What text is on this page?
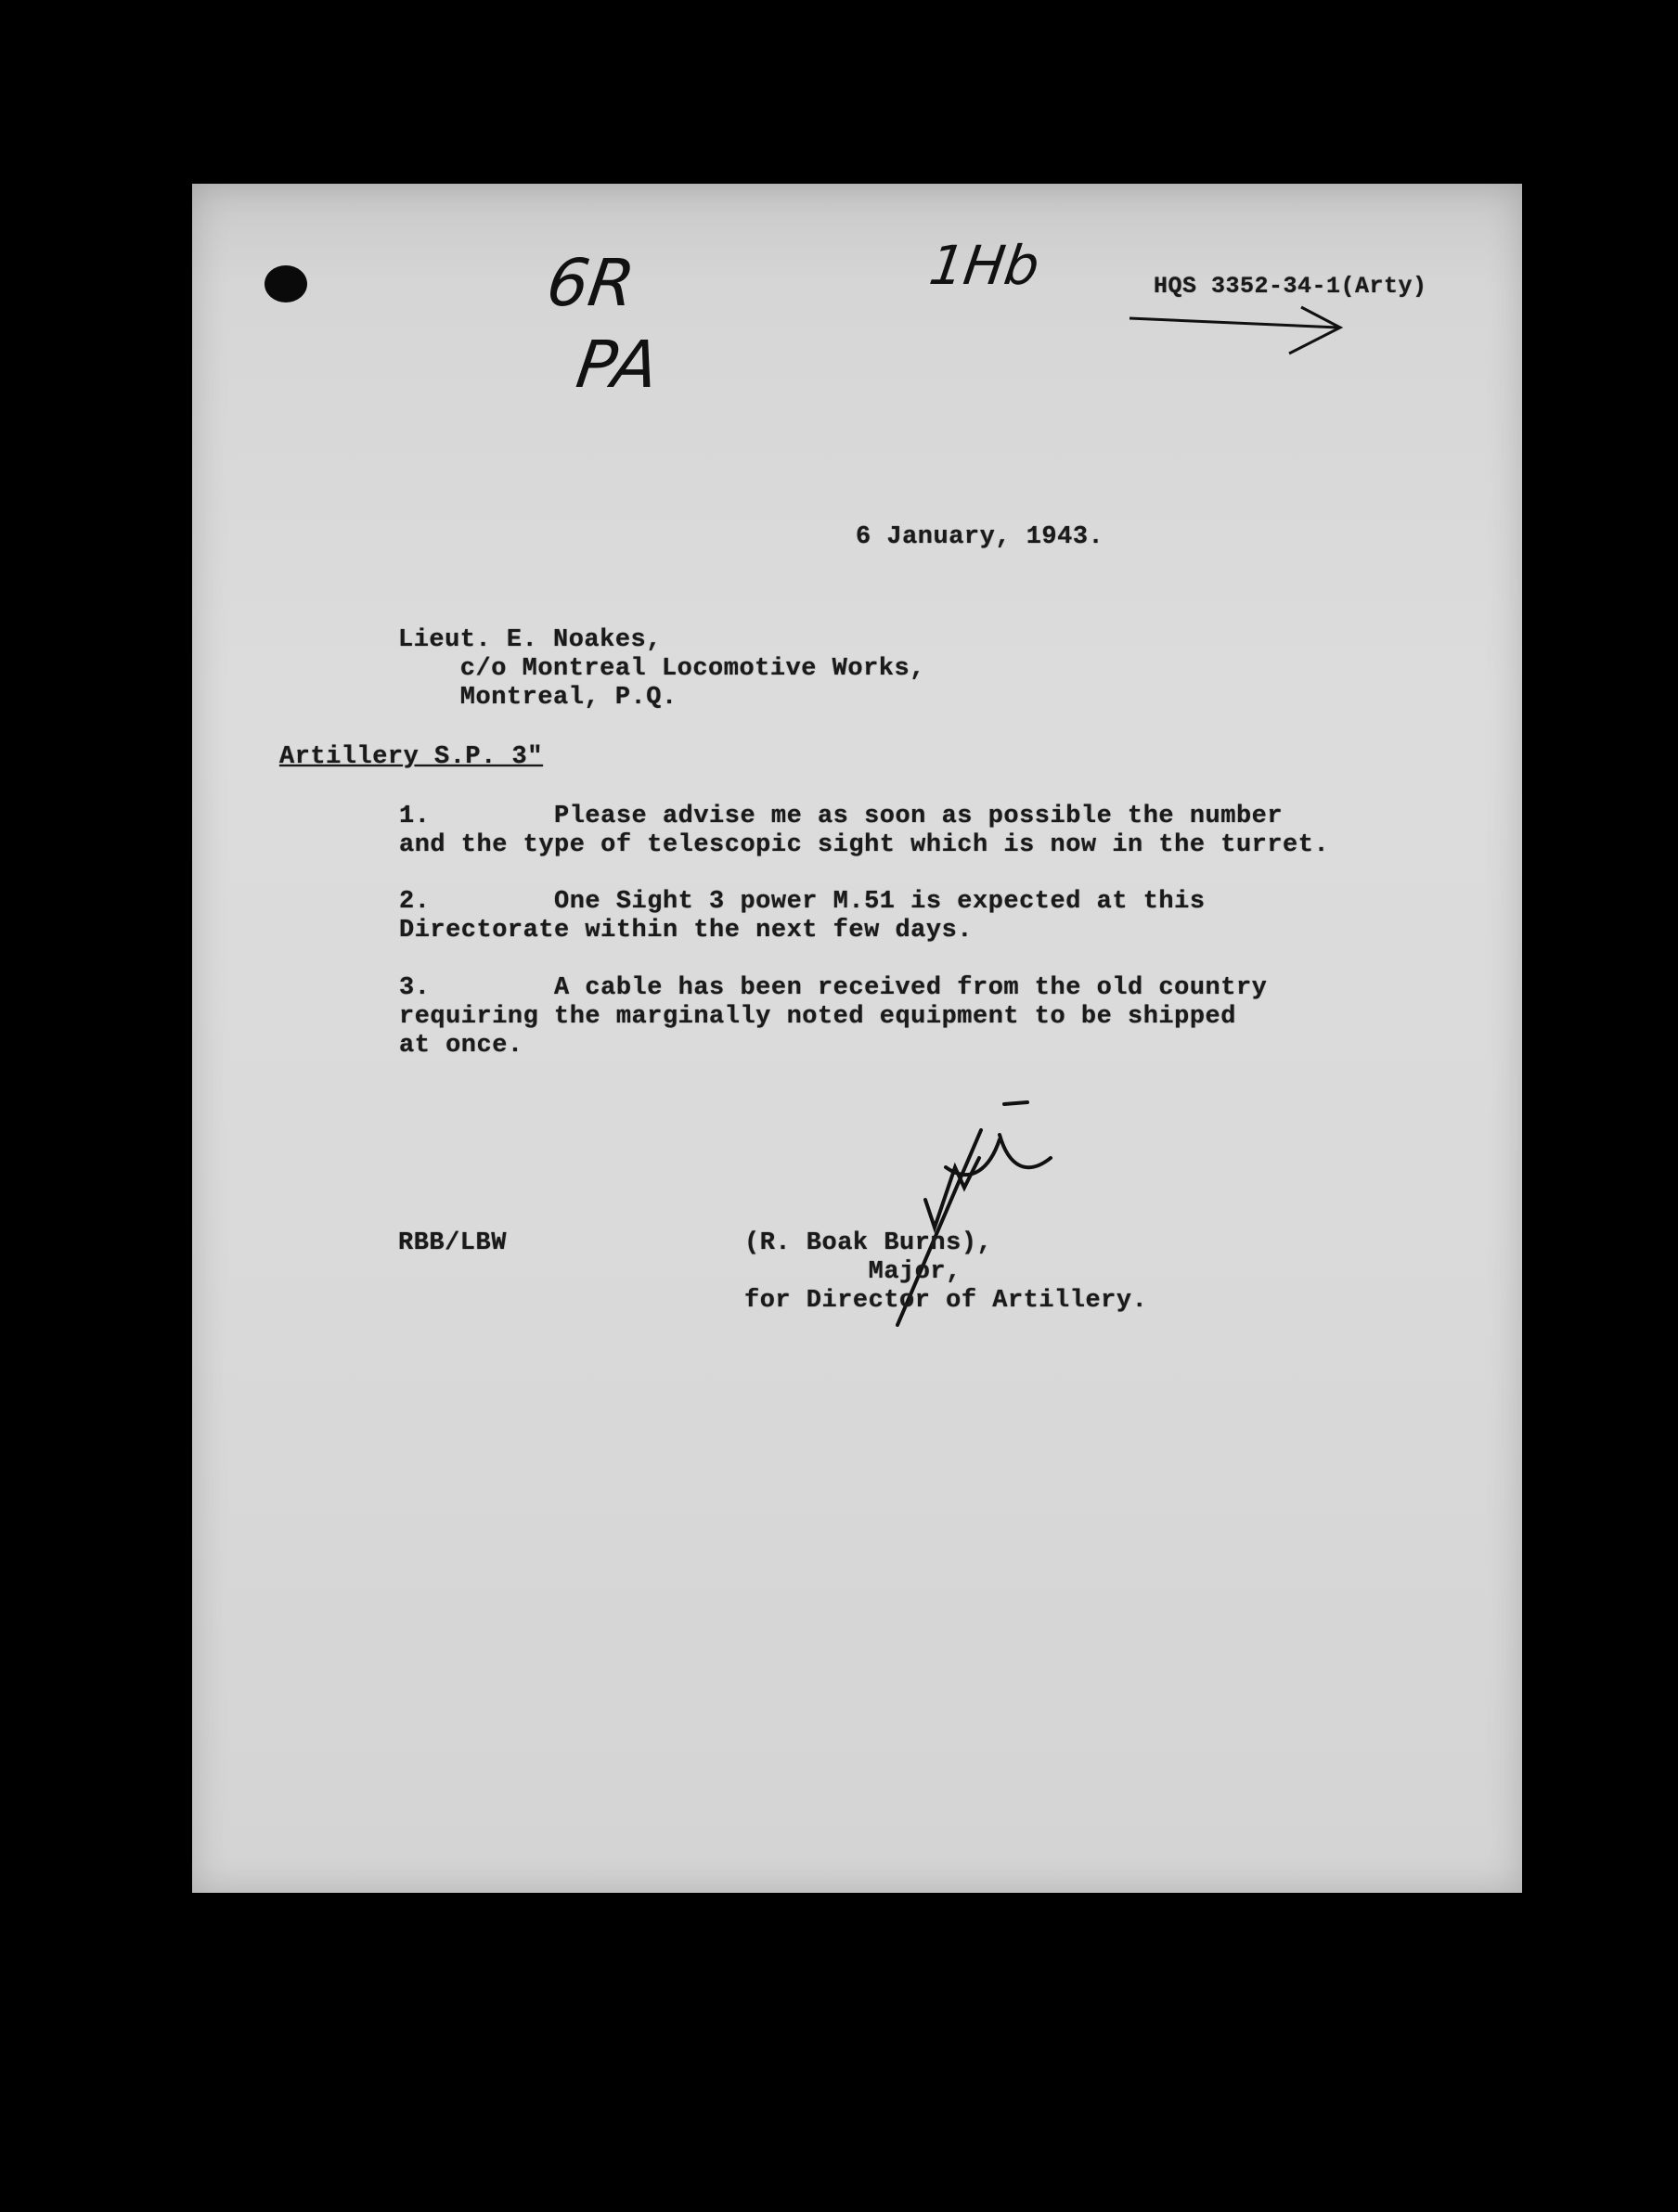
6R
PA
1Hb	HQS 3352-34-1(Arty)
6 January, 1943.
Lieut. E. Noakes,
c/o Montreal Locomotive Works,
Montreal, P.Q.
Artillery S.P. 3"
1.        Please advise me as soon as possible the number
and the type of telescopic sight which is now in the turret.
2.        One Sight 3 power M.51 is expected at this
Directorate within the next few days.
3.        A cable has been received from the old country
requiring the marginally noted equipment to be shipped
at once.
RBB/LBW	(R. Boak Burns),
Major,
for Director of Artillery.
